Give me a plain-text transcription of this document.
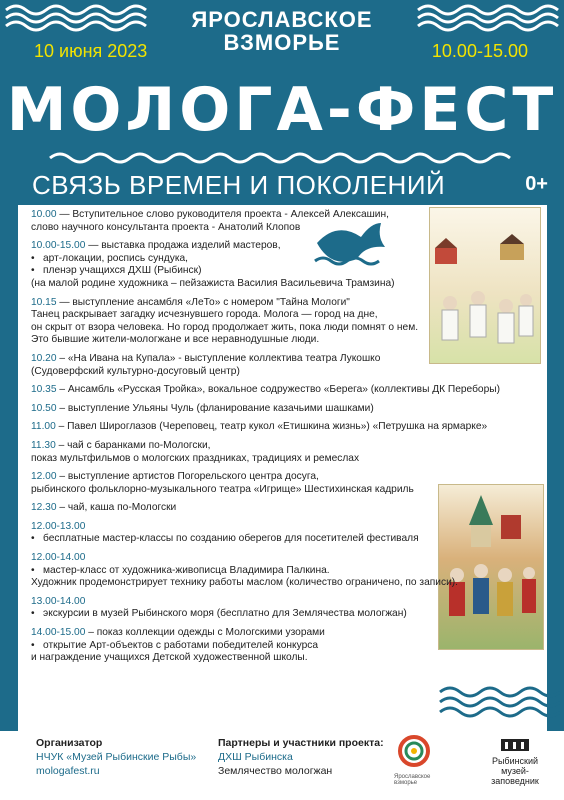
ЯРОСЛАВСКОЕ
ВЗМОРЬЕ
10 июня 2023	10.00-15.00
МОЛОГА-ФЕСТ
СВЯЗЬ ВРЕМЕН И ПОКОЛЕНИЙ	0+
10.00 — Вступительное слово руководителя проекта - Алексей Алексашин,
слово научного консультанта проекта - Анатолий Клопов
10.00-15.00 — выставка продажа изделий мастеров,
• арт-локации, роспись сундука,
• пленэр учащихся ДХШ (Рыбинск)
(на малой родине художника – пейзажиста Василия Васильевича Трамзина)
10.15 — выступление ансамбля «ЛеТо» с номером "Тайна Мологи"
Танец раскрывает загадку исчезнувшего города. Молога — город на дне,
он скрыт от взора человека. Но город продолжает жить, пока люди помнят о нем.
Это бывшие жители-мологжане и все неравнодушные люди.
10.20 – «На Ивана на Купала» - выступление коллектива театра Лукошко
(Судоверфский культурно-досуговый центр)
10.35 – Ансамбль «Русская Тройка», вокальное содружество «Берега» (коллективы ДК Переборы)
10.50 – выступление Ульяны Чуль (фланирование казачьими шашками)
11.00 – Павел Широглазов (Череповец, театр кукол «Етишкина жизнь») «Петрушка на ярмарке»
11.30 – чай с баранками по-Мологски,
показ мультфильмов о мологских праздниках, традициях и ремеслах
12.00 – выступление артистов Погорельского центра досуга,
рыбинского фольклорно-музыкального театра «Игрище» Шестихинская кадриль
12.30 – чай, каша по-Мологски
12.00-13.00
• бесплатные мастер-классы по созданию оберегов для посетителей фестиваля
12.00-14.00
• мастер-класс от художника-живописца Владимира Палкина.
Художник продемонстрирует технику работы маслом (количество ограничено, по записи).
13.00-14.00
• экскурсии в музей Рыбинского моря (бесплатно для Землячества мологжан)
14.00-15.00 – показ коллекции одежды с Мологскими узорами
• открытие Арт-объектов с работами победителей конкурса
и награждение учащихся Детской художественной школы.
Организатор
НЧУК «Музей Рыбинские Рыбы»
mologafest.ru
Партнеры и участники проекта:
ДХШ Рыбинска
Землячество мологжан	Ярославское взморье
Рыбинский
музей-заповедник
